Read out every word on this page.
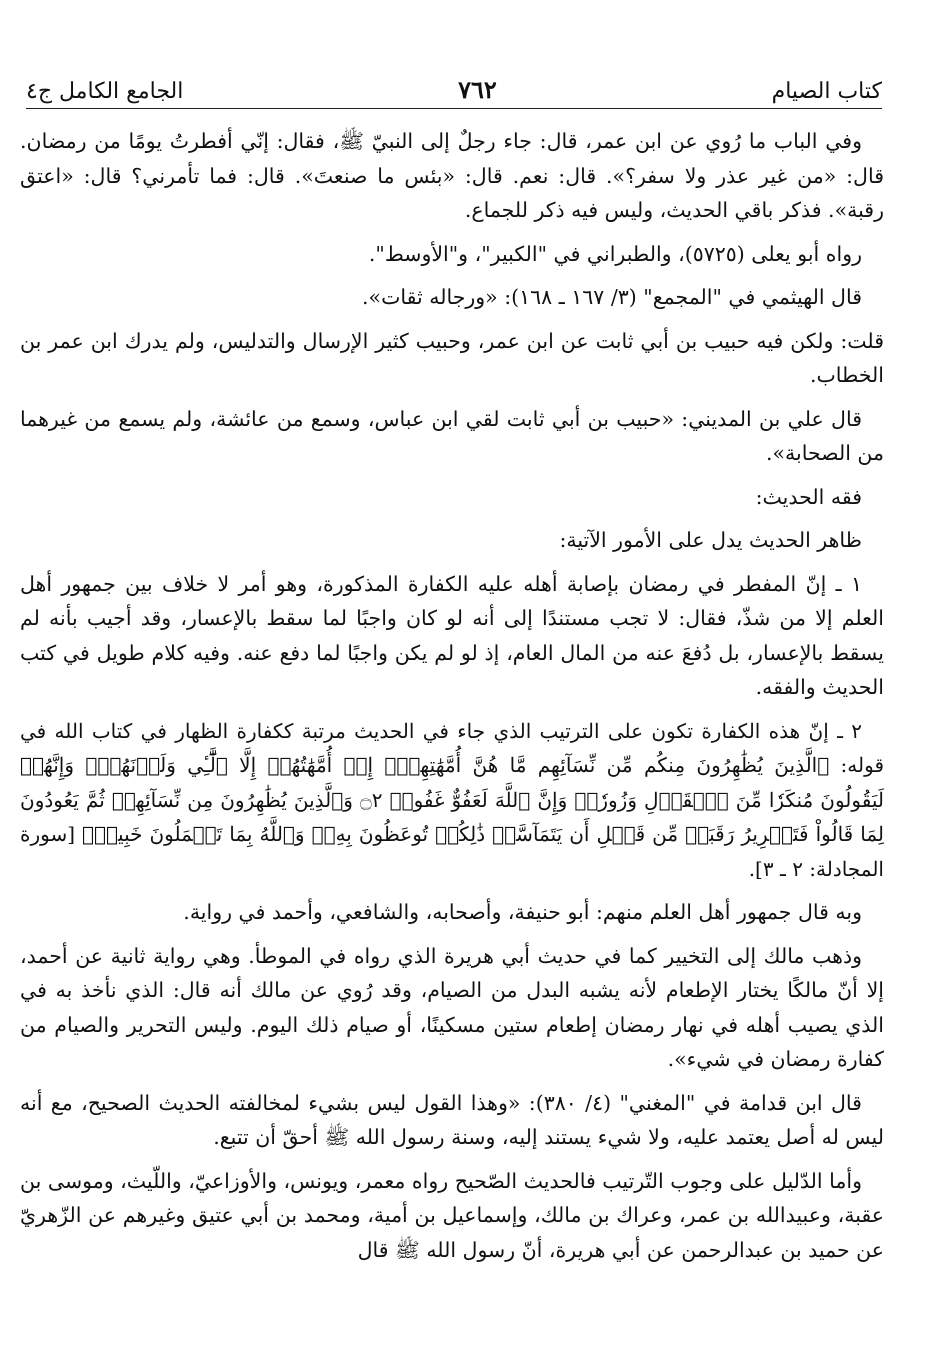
كتاب الصيام
٧٦٢
الجامع الكامل ج٤

وفي الباب ما رُوي عن ابن عمر، قال: جاء رجلٌ إلى النبيّ ﷺ، فقال: إنّي أفطرتُ يومًا من رمضان. قال: «من غير عذر ولا سفر؟». قال: نعم. قال: «بئس ما صنعتَ». قال: فما تأمرني؟ قال: «اعتق رقبة». فذكر باقي الحديث، وليس فيه ذكر للجماع.

رواه أبو يعلى (٥٧٢٥)، والطبراني في "الكبير"، و"الأوسط".

قال الهيثمي في "المجمع" (٣/ ١٦٧ ـ ١٦٨): «ورجاله ثقات».

قلت: ولكن فيه حبيب بن أبي ثابت عن ابن عمر، وحبيب كثير الإرسال والتدليس، ولم يدرك ابن عمر بن الخطاب.

قال علي بن المديني: «حبيب بن أبي ثابت لقي ابن عباس، وسمع من عائشة، ولم يسمع من غيرهما من الصحابة».

فقه الحديث:

ظاهر الحديث يدل على الأمور الآتية:

١ ـ إنّ المفطر في رمضان بإصابة أهله عليه الكفارة المذكورة، وهو أمر لا خلاف بين جمهور أهل العلم إلا من شذّ، فقال: لا تجب مستندًا إلى أنه لو كان واجبًا لما سقط بالإعسار، وقد أجيب بأنه لم يسقط بالإعسار، بل دُفعَ عنه من المال العام، إذ لو لم يكن واجبًا لما دفع عنه. وفيه كلام طويل في كتب الحديث والفقه.

٢ ـ إنّ هذه الكفارة تكون على الترتيب الذي جاء في الحديث مرتبة ككفارة الظهار في كتاب الله في قوله: ﴿الَّذِينَ يُظَٰهِرُونَ مِنكُم مِّن نِّسَآئِهِم مَّا هُنَّ أُمَّهَٰتِهِمۡۖ إِنۡ أُمَّهَٰتُهُمۡ إِلَّا ٱلَّٰٓـِٔي وَلَدۡنَهُمۡۚ وَإِنَّهُمۡ لَيَقُولُونَ مُنكَرٗا مِّنَ ٱلۡقَوۡلِ وَزُورٗاۚ وَإِنَّ ٱللَّهَ لَعَفُوٌّ غَفُورٞ ۝٢ وَٱلَّذِينَ يُظَٰهِرُونَ مِن نِّسَآئِهِمۡ ثُمَّ يَعُودُونَ لِمَا قَالُواْ فَتَحۡرِيرُ رَقَبَةٖ مِّن قَبۡلِ أَن يَتَمَآسَّاۚ ذَٰلِكُمۡ تُوعَظُونَ بِهِۦۚ وَٱللَّهُ بِمَا تَعۡمَلُونَ خَبِيرٞ﴾ [سورة المجادلة: ٢ ـ ٣].

وبه قال جمهور أهل العلم منهم: أبو حنيفة، وأصحابه، والشافعي، وأحمد في رواية.

وذهب مالك إلى التخيير كما في حديث أبي هريرة الذي رواه في الموطأ. وهي رواية ثانية عن أحمد، إلا أنّ مالكًا يختار الإطعام لأنه يشبه البدل من الصيام، وقد رُوي عن مالك أنه قال: الذي نأخذ به في الذي يصيب أهله في نهار رمضان إطعام ستين مسكينًا، أو صيام ذلك اليوم. وليس التحرير والصيام من كفارة رمضان في شيء».

قال ابن قدامة في "المغني" (٤/ ٣٨٠): «وهذا القول ليس بشيء لمخالفته الحديث الصحيح، مع أنه ليس له أصل يعتمد عليه، ولا شيء يستند إليه، وسنة رسول الله ﷺ أحقّ أن تتبع.

وأما الدّليل على وجوب التّرتيب فالحديث الصّحيح رواه معمر، ويونس، والأوزاعيّ، واللّيث، وموسى بن عقبة، وعبيدالله بن عمر، وعراك بن مالك، وإسماعيل بن أمية، ومحمد بن أبي عتيق وغيرهم عن الزّهريّ عن حميد بن عبدالرحمن عن أبي هريرة، أنّ رسول الله ﷺ قال
